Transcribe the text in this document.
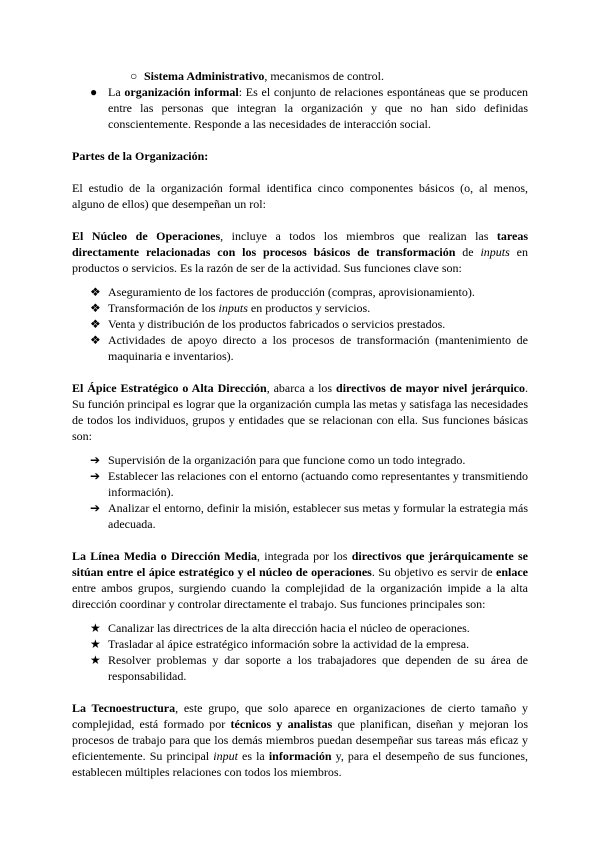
○ Sistema Administrativo, mecanismos de control.
● La organización informal: Es el conjunto de relaciones espontáneas que se producen entre las personas que integran la organización y que no han sido definidas conscientemente. Responde a las necesidades de interacción social.

Partes de la Organización:

El estudio de la organización formal identifica cinco componentes básicos (o, al menos, alguno de ellos) que desempeñan un rol:

El Núcleo de Operaciones, incluye a todos los miembros que realizan las tareas directamente relacionadas con los procesos básicos de transformación de inputs en productos o servicios. Es la razón de ser de la actividad. Sus funciones clave son:

❖ Aseguramiento de los factores de producción (compras, aprovisionamiento).
❖ Transformación de los inputs en productos y servicios.
❖ Venta y distribución de los productos fabricados o servicios prestados.
❖ Actividades de apoyo directo a los procesos de transformación (mantenimiento de maquinaria e inventarios).

El Ápice Estratégico o Alta Dirección, abarca a los directivos de mayor nivel jerárquico. Su función principal es lograr que la organización cumpla las metas y satisfaga las necesidades de todos los individuos, grupos y entidades que se relacionan con ella. Sus funciones básicas son:

➔ Supervisión de la organización para que funcione como un todo integrado.
➔ Establecer las relaciones con el entorno (actuando como representantes y transmitiendo información).
➔ Analizar el entorno, definir la misión, establecer sus metas y formular la estrategia más adecuada.

La Línea Media o Dirección Media, integrada por los directivos que jerárquicamente se sitúan entre el ápice estratégico y el núcleo de operaciones. Su objetivo es servir de enlace entre ambos grupos, surgiendo cuando la complejidad de la organización impide a la alta dirección coordinar y controlar directamente el trabajo. Sus funciones principales son:

★ Canalizar las directrices de la alta dirección hacia el núcleo de operaciones.
★ Trasladar al ápice estratégico información sobre la actividad de la empresa.
★ Resolver problemas y dar soporte a los trabajadores que dependen de su área de responsabilidad.

La Tecnoestructura, este grupo, que solo aparece en organizaciones de cierto tamaño y complejidad, está formado por técnicos y analistas que planifican, diseñan y mejoran los procesos de trabajo para que los demás miembros puedan desempeñar sus tareas más eficaz y eficientemente. Su principal input es la información y, para el desempeño de sus funciones, establecen múltiples relaciones con todos los miembros.
